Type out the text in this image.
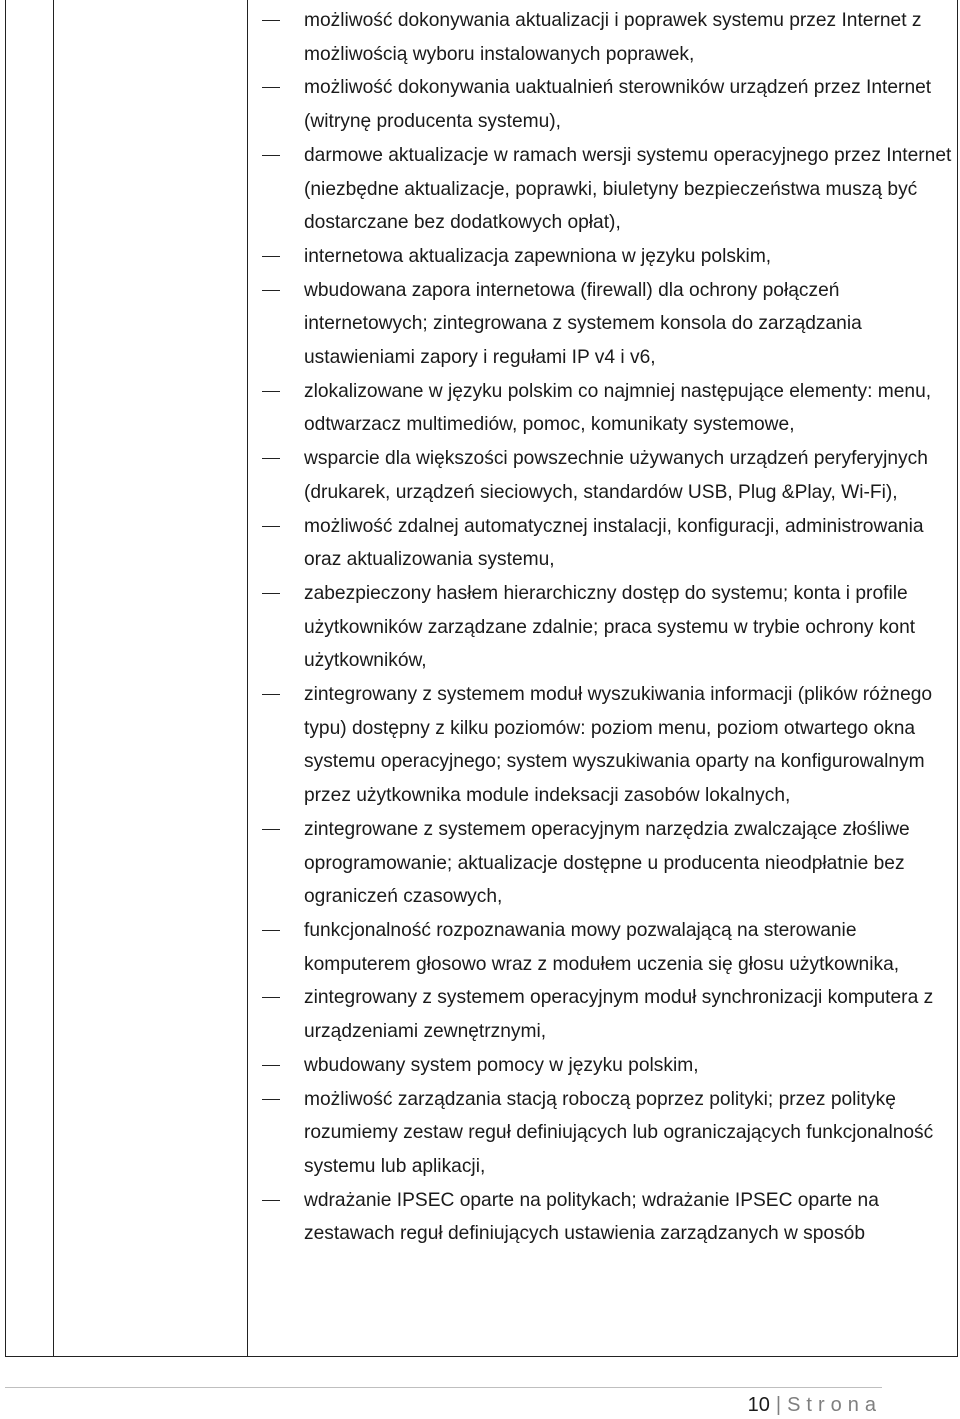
możliwość dokonywania aktualizacji i poprawek systemu przez Internet z możliwością wyboru instalowanych poprawek,
możliwość dokonywania uaktualnień sterowników urządzeń przez Internet (witrynę producenta systemu),
darmowe aktualizacje w ramach wersji systemu operacyjnego przez Internet (niezbędne aktualizacje, poprawki, biuletyny bezpieczeństwa muszą być dostarczane bez dodatkowych opłat),
internetowa aktualizacja zapewniona w języku polskim,
wbudowana zapora internetowa (firewall) dla ochrony połączeń internetowych; zintegrowana z systemem konsola do zarządzania ustawieniami zapory i regułami IP v4 i v6,
zlokalizowane w języku polskim co najmniej następujące elementy: menu, odtwarzacz multimediów, pomoc, komunikaty systemowe,
wsparcie dla większości powszechnie używanych urządzeń peryferyjnych (drukarek, urządzeń sieciowych, standardów USB, Plug &Play, Wi-Fi),
możliwość zdalnej automatycznej instalacji, konfiguracji, administrowania oraz aktualizowania systemu,
zabezpieczony hasłem hierarchiczny dostęp do systemu; konta i profile użytkowników zarządzane zdalnie; praca systemu w trybie ochrony kont użytkowników,
zintegrowany z systemem moduł wyszukiwania informacji (plików różnego typu) dostępny z kilku poziomów: poziom menu, poziom otwartego okna systemu operacyjnego; system wyszukiwania oparty na konfigurowalnym przez użytkownika module indeksacji zasobów lokalnych,
zintegrowane z systemem operacyjnym narzędzia zwalczające złośliwe oprogramowanie; aktualizacje dostępne u producenta nieodpłatnie bez ograniczeń czasowych,
funkcjonalność rozpoznawania mowy pozwalającą na sterowanie komputerem głosowo wraz z modułem uczenia się głosu użytkownika,
zintegrowany z systemem operacyjnym moduł synchronizacji komputera z urządzeniami zewnętrznymi,
wbudowany system pomocy w języku polskim,
możliwość zarządzania stacją roboczą poprzez polityki; przez politykę rozumiemy zestaw reguł definiujących lub ograniczających funkcjonalność systemu lub aplikacji,
wdrażanie IPSEC oparte na politykach; wdrażanie IPSEC oparte na zestawach reguł definiujących ustawienia zarządzanych w sposób
10 | Strona
